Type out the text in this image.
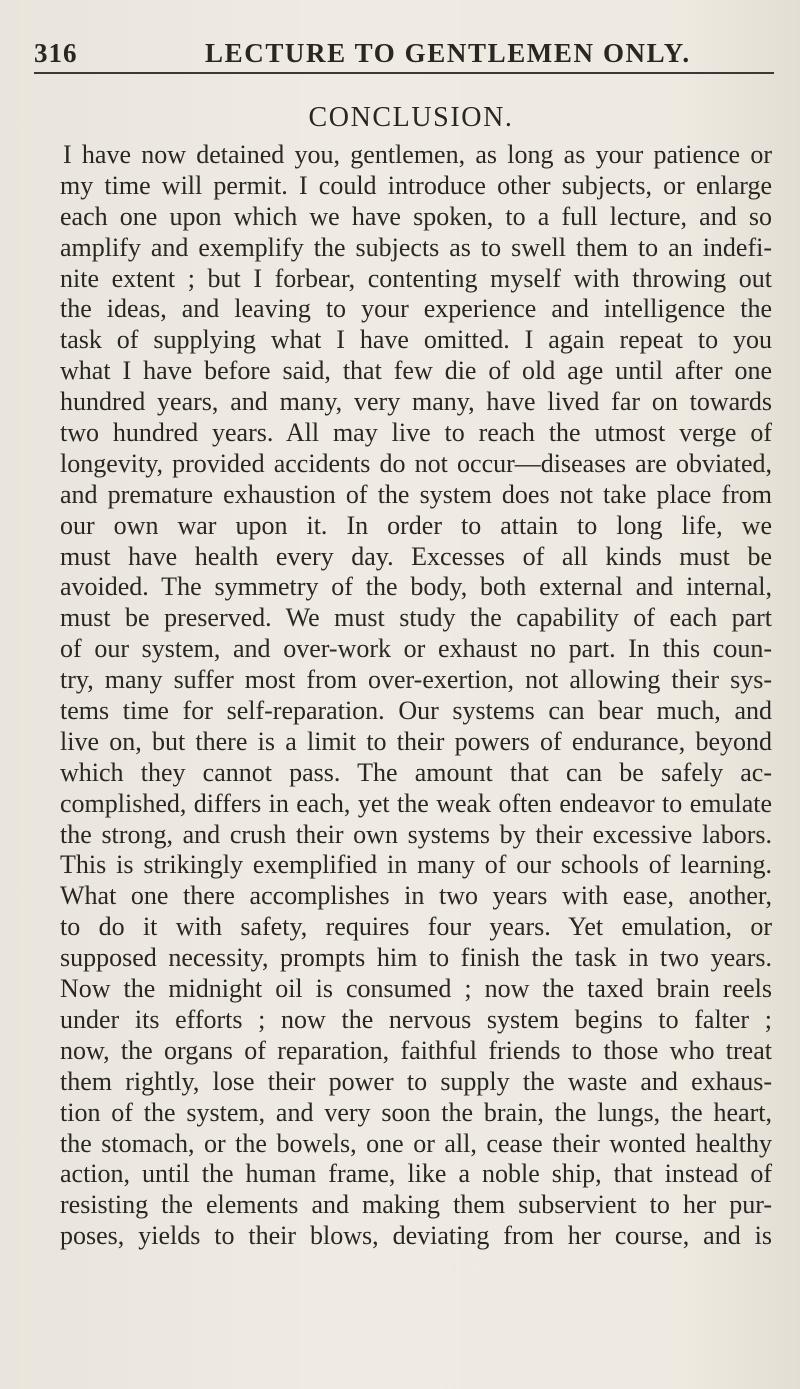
316	LECTURE TO GENTLEMEN ONLY.
CONCLUSION.
I have now detained you, gentlemen, as long as your patience or
my time will permit. I could introduce other subjects, or enlarge
each one upon which we have spoken, to a full lecture, and so
amplify and exemplify the subjects as to swell them to an indefi-
nite extent ; but I forbear, contenting myself with throwing out
the ideas, and leaving to your experience and intelligence the
task of supplying what I have omitted. I again repeat to you
what I have before said, that few die of old age until after one
hundred years, and many, very many, have lived far on towards
two hundred years. All may live to reach the utmost verge of
longevity, provided accidents do not occur—diseases are obviated,
and premature exhaustion of the system does not take place from
our own war upon it. In order to attain to long life, we
must have health every day. Excesses of all kinds must be
avoided. The symmetry of the body, both external and internal,
must be preserved. We must study the capability of each part
of our system, and over-work or exhaust no part. In this coun-
try, many suffer most from over-exertion, not allowing their sys-
tems time for self-reparation. Our systems can bear much, and
live on, but there is a limit to their powers of endurance, beyond
which they cannot pass. The amount that can be safely ac-
complished, differs in each, yet the weak often endeavor to emulate
the strong, and crush their own systems by their excessive labors.
This is strikingly exemplified in many of our schools of learning.
What one there accomplishes in two years with ease, another,
to do it with safety, requires four years. Yet emulation, or
supposed necessity, prompts him to finish the task in two years.
Now the midnight oil is consumed ; now the taxed brain reels
under its efforts ; now the nervous system begins to falter ;
now, the organs of reparation, faithful friends to those who treat
them rightly, lose their power to supply the waste and exhaus-
tion of the system, and very soon the brain, the lungs, the heart,
the stomach, or the bowels, one or all, cease their wonted healthy
action, until the human frame, like a noble ship, that instead of
resisting the elements and making them subservient to her pur-
poses, yields to their blows, deviating from her course, and is
